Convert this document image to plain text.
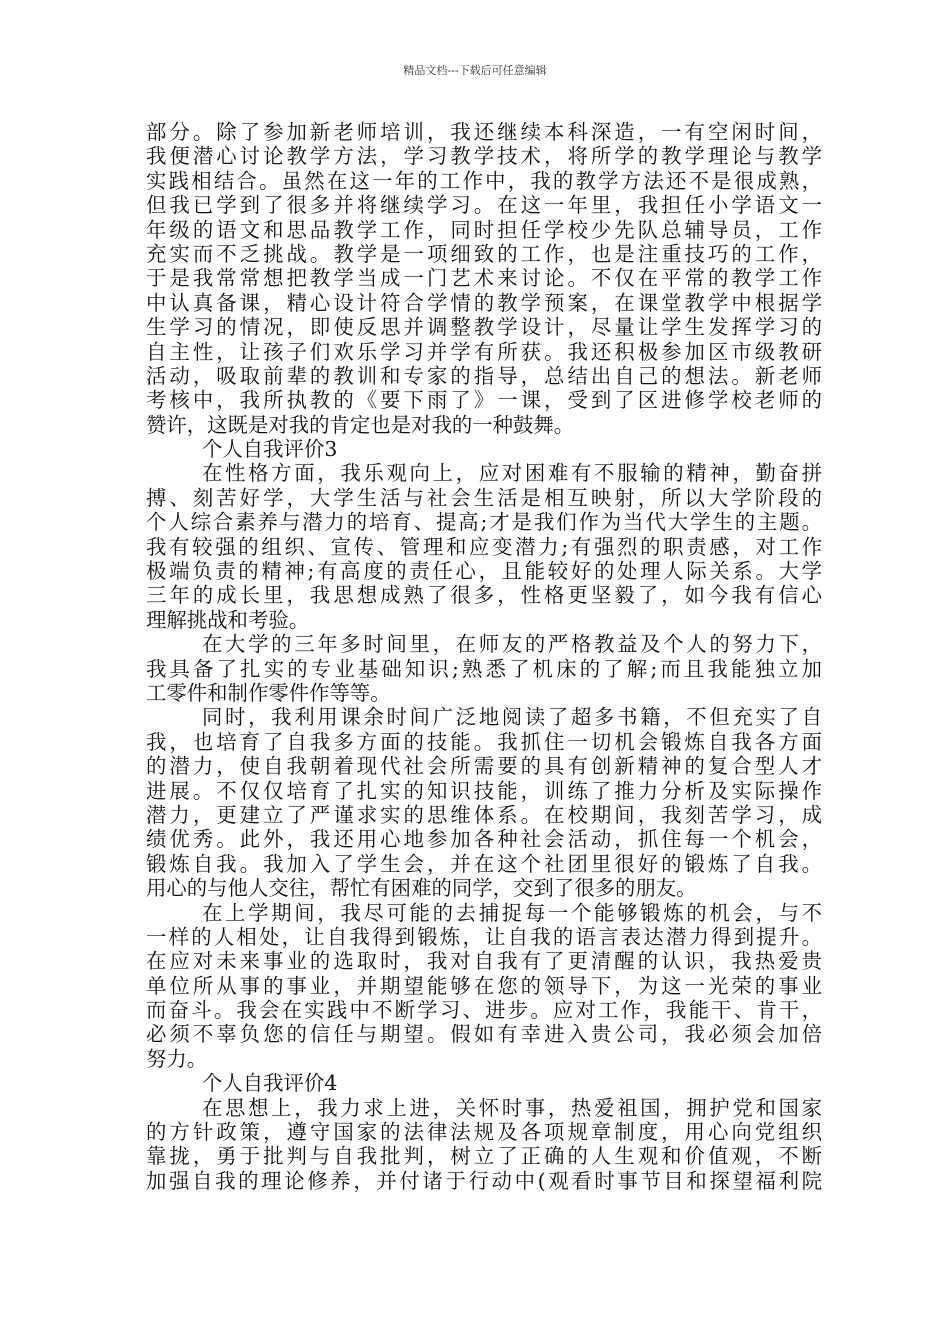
精品文档---下载后可任意编辑
部分。除了参加新老师培训，我还继续本科深造，一有空闲时间，
我便潜心讨论教学方法，学习教学技术，将所学的教学理论与教学
实践相结合。虽然在这一年的工作中，我的教学方法还不是很成熟，
但我已学到了很多并将继续学习。在这一年里，我担任小学语文一
年级的语文和思品教学工作，同时担任学校少先队总辅导员，工作
充实而不乏挑战。教学是一项细致的工作，也是注重技巧的工作，
于是我常常想把教学当成一门艺术来讨论。不仅在平常的教学工作
中认真备课，精心设计符合学情的教学预案，在课堂教学中根据学
生学习的情况，即使反思并调整教学设计，尽量让学生发挥学习的
自主性，让孩子们欢乐学习并学有所获。我还积极参加区市级教研
活动，吸取前辈的教训和专家的指导，总结出自己的想法。新老师
考核中，我所执教的《要下雨了》一课，受到了区进修学校老师的
赞许，这既是对我的肯定也是对我的一种鼓舞。
个人自我评价3
在性格方面，我乐观向上，应对困难有不服输的精神，勤奋拼
搏、刻苦好学，大学生活与社会生活是相互映射，所以大学阶段的
个人综合素养与潜力的培育、提高;才是我们作为当代大学生的主题。
我有较强的组织、宣传、管理和应变潜力;有强烈的职责感，对工作
极端负责的精神;有高度的责任心，且能较好的处理人际关系。大学
三年的成长里，我思想成熟了很多，性格更坚毅了，如今我有信心
理解挑战和考验。
在大学的三年多时间里，在师友的严格教益及个人的努力下，
我具备了扎实的专业基础知识;熟悉了机床的了解;而且我能独立加
工零件和制作零件作等等。
同时，我利用课余时间广泛地阅读了超多书籍，不但充实了自
我，也培育了自我多方面的技能。我抓住一切机会锻炼自我各方面
的潜力，使自我朝着现代社会所需要的具有创新精神的复合型人才
进展。不仅仅培育了扎实的知识技能，训练了推力分析及实际操作
潜力，更建立了严谨求实的思维体系。在校期间，我刻苦学习，成
绩优秀。此外，我还用心地参加各种社会活动，抓住每一个机会，
锻炼自我。我加入了学生会，并在这个社团里很好的锻炼了自我。
用心的与他人交往，帮忙有困难的同学，交到了很多的朋友。
在上学期间，我尽可能的去捕捉每一个能够锻炼的机会，与不
一样的人相处，让自我得到锻炼，让自我的语言表达潜力得到提升。
在应对未来事业的选取时，我对自我有了更清醒的认识，我热爱贵
单位所从事的事业，并期望能够在您的领导下，为这一光荣的事业
而奋斗。我会在实践中不断学习、进步。应对工作，我能干、肯干，
必须不辜负您的信任与期望。假如有幸进入贵公司，我必须会加倍
努力。
个人自我评价4
在思想上，我力求上进，关怀时事，热爱祖国，拥护党和国家
的方针政策，遵守国家的法律法规及各项规章制度，用心向党组织
靠拢，勇于批判与自我批判，树立了正确的人生观和价值观，不断
加强自我的理论修养，并付诸于行动中(观看时事节目和探望福利院
